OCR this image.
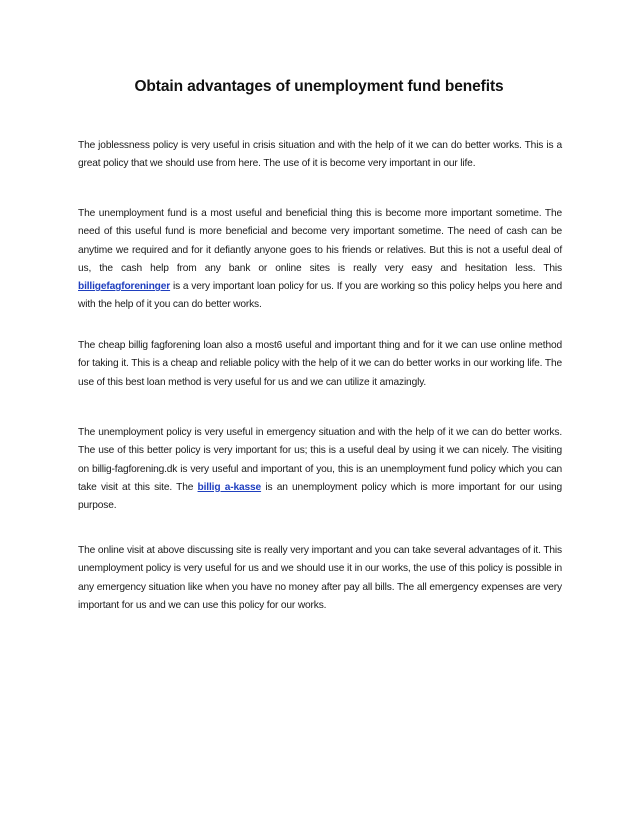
Obtain advantages of unemployment fund benefits

The joblessness policy is very useful in crisis situation and with the help of it we can do better works. This is a great policy that we should use from here. The use of it is become very important in our life.

The unemployment fund is a most useful and beneficial thing this is become more important sometime. The need of this useful fund is more beneficial and become very important sometime. The need of cash can be anytime we required and for it defiantly anyone goes to his friends or relatives. But this is not a useful deal of us, the cash help from any bank or online sites is really very easy and hesitation less. This billigefagforeninger is a very important loan policy for us. If you are working so this policy helps you here and with the help of it you can do better works.

The cheap billig fagforening loan also a most6 useful and important thing and for it we can use online method for taking it. This is a cheap and reliable policy with the help of it we can do better works in our working life. The use of this best loan method is very useful for us and we can utilize it amazingly.

The unemployment policy is very useful in emergency situation and with the help of it we can do better works. The use of this better policy is very important for us; this is a useful deal by using it we can nicely. The visiting on billig-fagforening.dk is very useful and important of you, this is an unemployment fund policy which you can take visit at this site. The billig a-kasse is an unemployment policy which is more important for our using purpose.

The online visit at above discussing site is really very important and you can take several advantages of it. This unemployment policy is very useful for us and we should use it in our works, the use of this policy is possible in any emergency situation like when you have no money after pay all bills. The all emergency expenses are very important for us and we can use this policy for our works.
